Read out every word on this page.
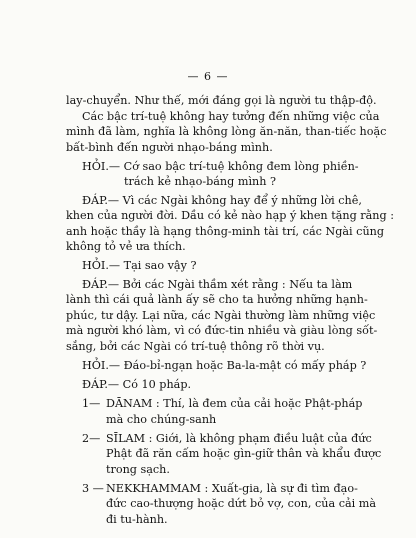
— 6 —
lay-chuyển. Như thế, mới đáng gọi là người tu thập-độ.
Các bậc trí-tuệ không hay tưởng đến những việc của
mình đã làm, nghĩa là không lòng ăn-năn, than-tiếc hoặc
bất-bình đến người nhạo-báng mình.
HỎI.— Cớ sao bậc trí-tuệ không đem lòng phiền-
trách kẻ nhạo-báng mình ?
ĐÁP.— Vì các Ngài không hay để ý những lời chê,
khen của người đời. Dầu có kẻ nào hạp ý khen tặng rằng :
anh hoặc thầy là hạng thông-minh tài trí, các Ngài cũng
không tỏ vẻ ưa thích.
HỎI.— Tại sao vậy ?
ĐÁP.— Bởi các Ngài thầm xét rằng : Nếu ta làm
lành thì cái quả lành ấy sẽ cho ta hưởng những hạnh-
phúc, tư dậy. Lại nữa, các Ngài thường làm những việc
mà người khó làm, vì có đức-tin nhiều và giàu lòng sốt-
sắng, bởi các Ngài có trí-tuệ thông rõ thời vụ.
HỎI.— Đáo-bỉ-ngạn hoặc Ba-la-mật có mấy pháp ?
ĐÁP.— Có 10 pháp.
1— DĀNAM : Thí, là đem của cải hoặc Phật-pháp
mà cho chúng-sanh
2— SĪLAM : Giới, là không phạm điều luật của đức
Phật đã răn cấm hoặc gìn-giữ thân và khẩu được
trong sạch.
3 — NEKKHAMMAM : Xuất-gia, là sự đi tìm đạo-
đức cao-thượng hoặc dứt bỏ vợ, con, của cải mà
đi tu-hành.
